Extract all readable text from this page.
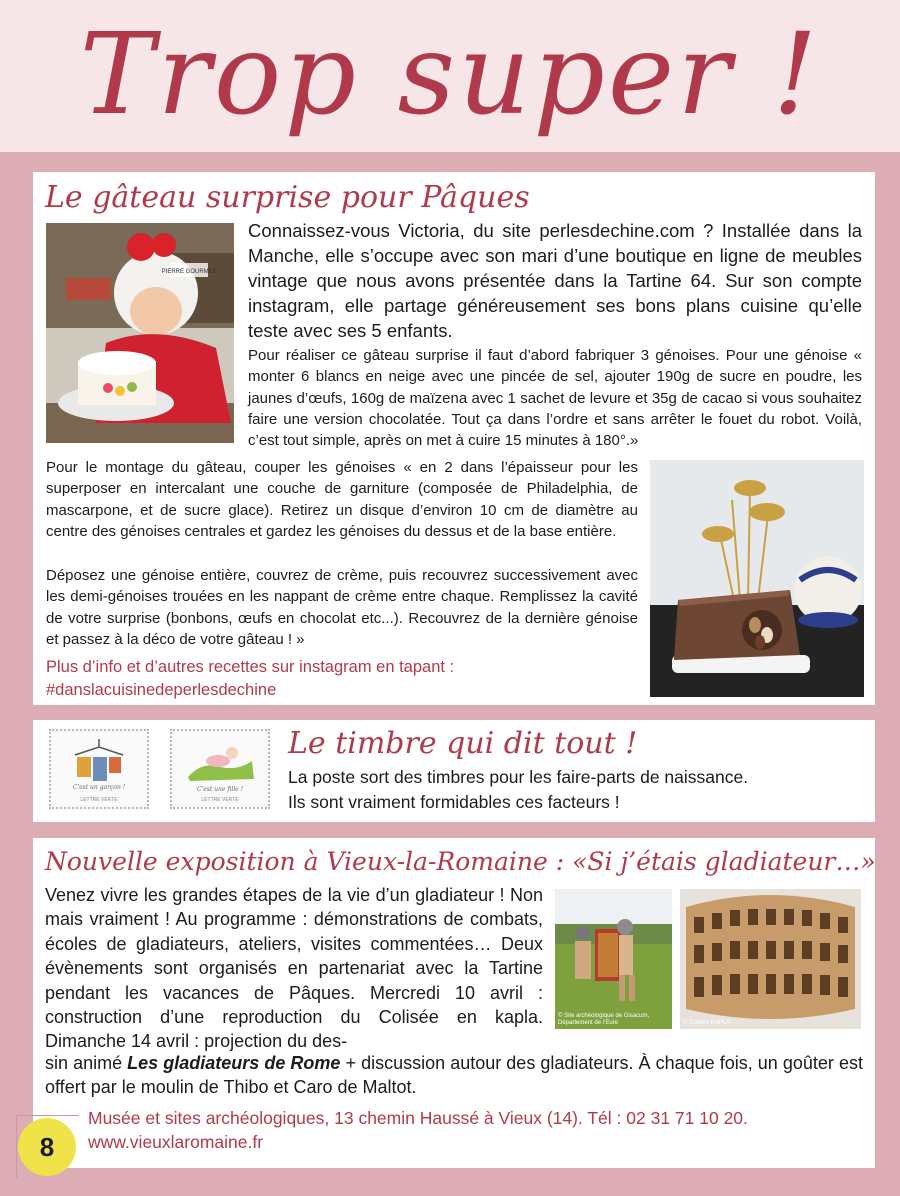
Trop super !
Le gâteau surprise pour Pâques
PIERRE GOURMET

Connaissez-vous Victoria, du site perlesdechine.com ? Installée dans la Manche, elle s’occupe avec son mari d’une boutique en ligne de meubles vintage que nous avons présentée dans la Tartine 64. Sur son compte instagram, elle partage généreusement ses bons plans cuisine qu’elle teste avec ses 5 enfants.

Pour réaliser ce gâteau surprise il faut d’abord fabriquer 3 génoises. Pour une génoise « monter 6 blancs en neige avec une pincée de sel, ajouter 190g de sucre en poudre, les jaunes d’œufs, 160g de maïzena avec 1 sachet de levure et 35g de cacao si vous souhaitez faire une version chocolatée. Tout ça dans l’ordre et sans arrêter le fouet du robot. Voilà, c’est tout simple, après on met à cuire 15 minutes à 180°.»

Pour le montage du gâteau, couper les génoises « en 2 dans l’épaisseur pour les superposer en intercalant une couche de garniture (composée de Philadelphia, de mascarpone, et de sucre glace). Retirez un disque d’environ 10 cm de diamètre au centre des génoises centrales et gardez les génoises du dessus et de la base entière.

Déposez une génoise entière, couvrez de crème, puis recouvrez successivement avec les demi-génoises trouées en les nappant de crème entre chaque. Remplissez la cavité de votre surprise (bonbons, œufs en chocolat etc...). Recouvrez de la dernière génoise et passez à la déco de votre gâteau ! »

Plus d’info et d’autres recettes sur instagram en tapant : #danslacuisinedeperlesdechine

C'est un garçon !
LETTRE VERTE
C'est une fille !
LETTRE VERTE
Le timbre qui dit tout !

La poste sort des timbres pour les faire-parts de naissance.
Ils sont vraiment formidables ces facteurs !

Nouvelle exposition à Vieux-la-Romaine : «Si j’étais gladiateur…»

Venez vivre les grandes étapes de la vie d’un gladiateur ! Non mais vraiment ! Au programme : démonstrations de combats, écoles de gladiateurs, ateliers, visites commentées… Deux évènements sont organisés en partenariat avec la Tartine pendant les vacances de Pâques. Mercredi 10 avril : construction d’une reproduction du Colisée en kapla. Dimanche 14 avril : projection du des-

sin animé Les gladiateurs de Rome + discussion autour des gladiateurs. À chaque fois, un goûter est offert par le moulin de Thibo et Caro de Maltot.

© Site archéologique de Gisacum, Département de l’Eure	© Colisée KAPLA

Musée et sites archéologiques, 13 chemin Haussé à Vieux (14). Tél : 02 31 71 10 20.
www.vieuxlaromaine.fr

8
